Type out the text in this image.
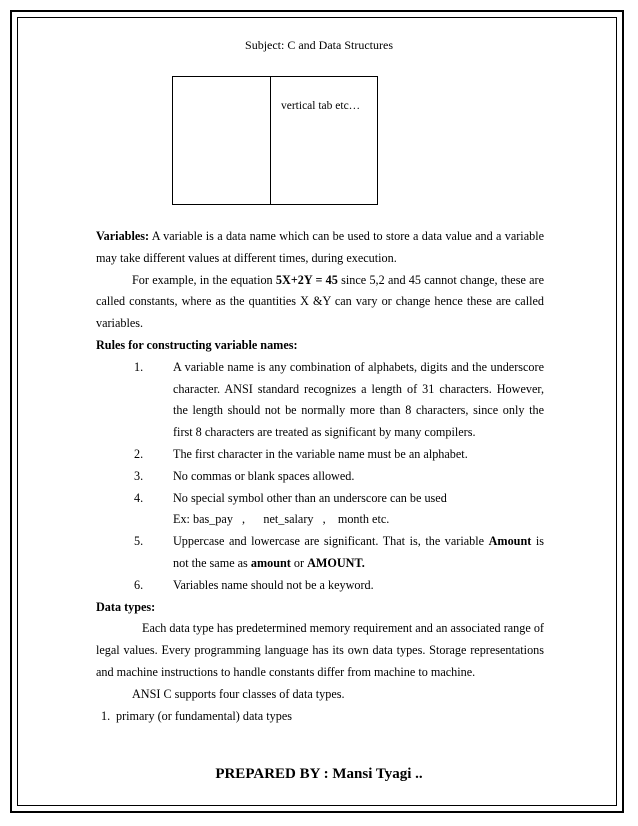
Subject: C and Data Structures
vertical tab etc…

Variables: A variable is a data name which can be used to store a data value and a variable may take different values at different times, during execution.

For example, in the equation 5X+2Y = 45 since 5,2 and 45 cannot change, these are called constants, where as the quantities X &Y can vary or change hence these are called variables.

Rules for constructing variable names:

1. A variable name is any combination of alphabets, digits and the underscore character. ANSI standard recognizes a length of 31 characters. However, the length should not be normally more than 8 characters, since only the first 8 characters are treated as significant by many compilers.

2. The first character in the variable name must be an alphabet.

3. No commas or blank spaces allowed.

4. No special symbol other than an underscore can be used

Ex: bas_pay   , net_salary   , month etc.

5. Uppercase and lowercase are significant. That is, the variable Amount is not the same as amount or AMOUNT.

6. Variables name should not be a keyword.

Data types:

Each data type has predetermined memory requirement and an associated range of legal values. Every programming language has its own data types. Storage representations and machine instructions to handle constants differ from machine to machine.

ANSI C supports four classes of data types.

1. primary (or fundamental) data types
PREPARED BY : Mansi Tyagi ..
